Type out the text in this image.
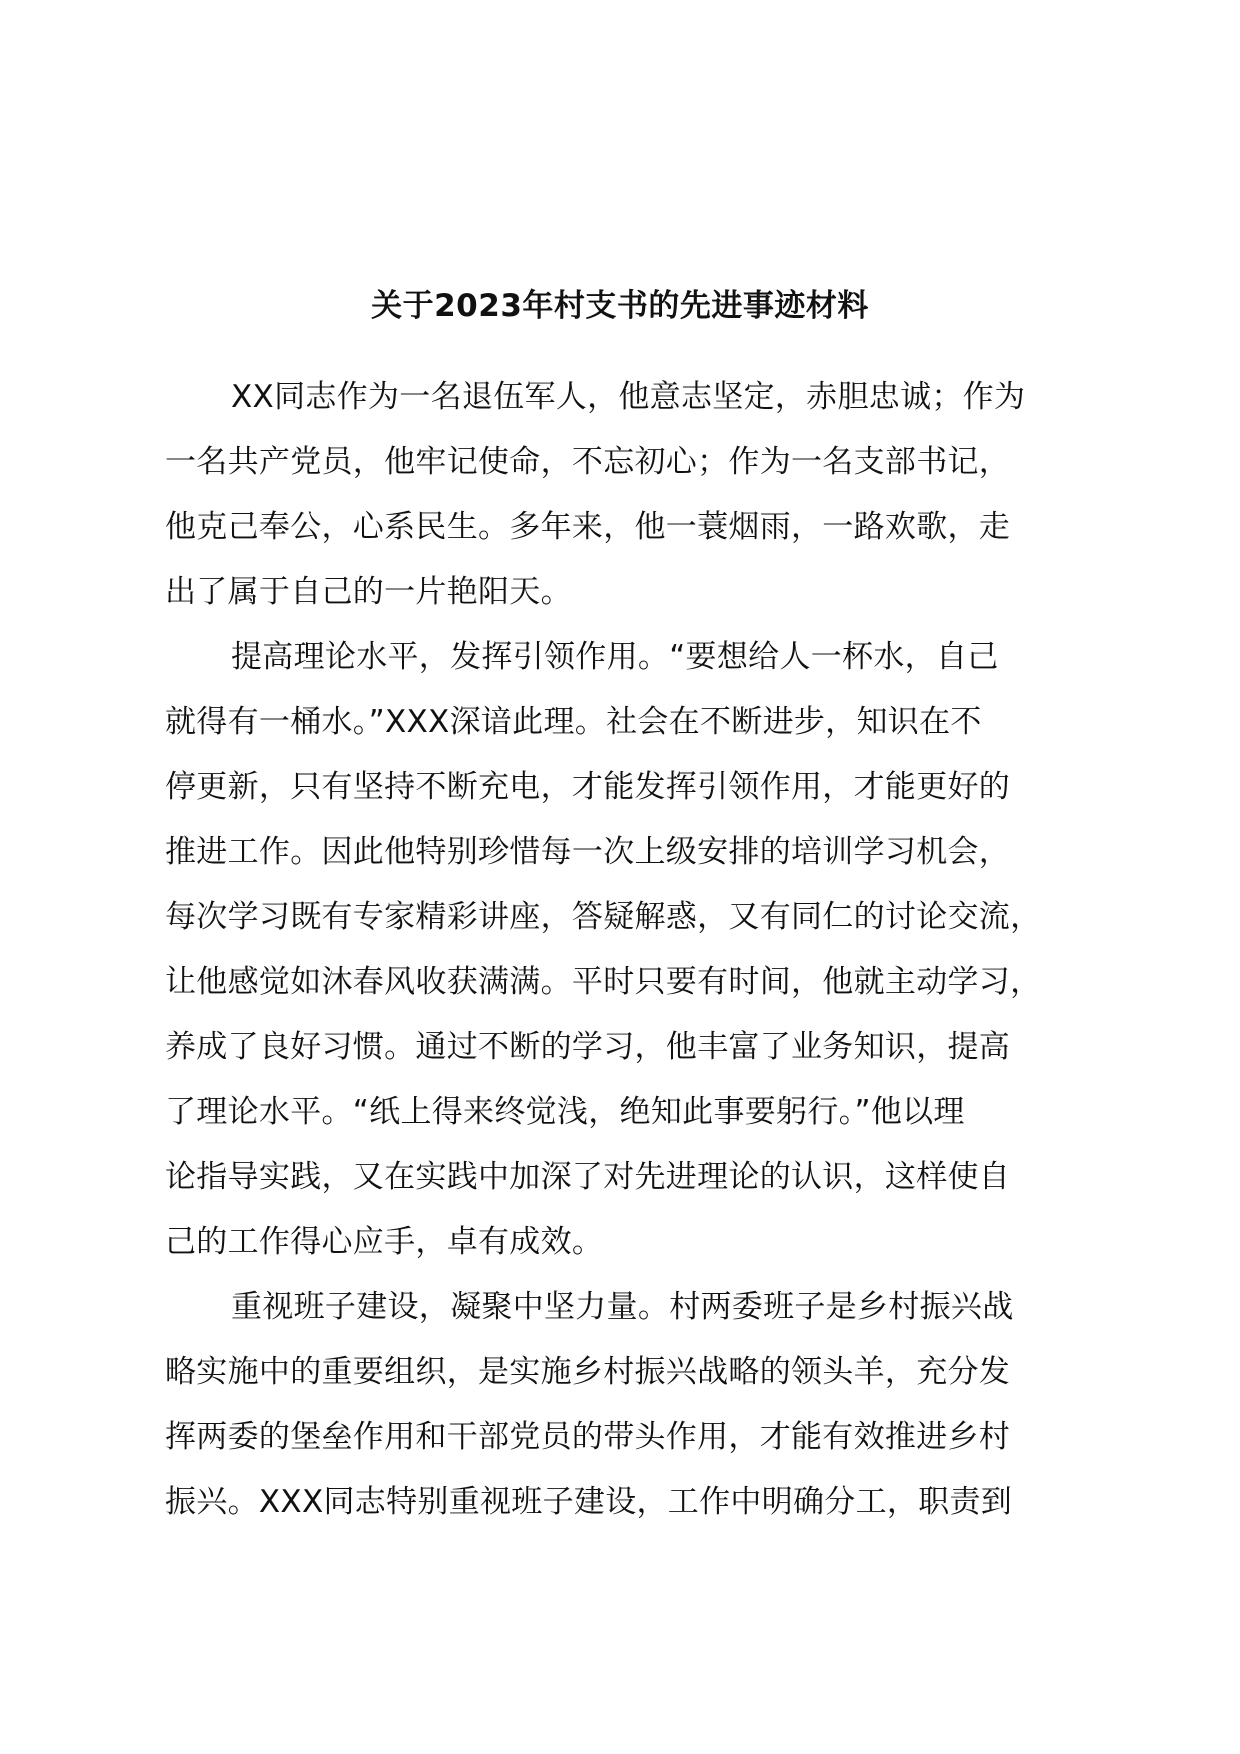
关于2023年村支书的先进事迹材料
XX同志作为一名退伍军人，他意志坚定，赤胆忠诚；作为
一名共产党员，他牢记使命，不忘初心；作为一名支部书记，
他克己奉公，心系民生。多年来，他一蓑烟雨，一路欢歌，走
出了属于自己的一片艳阳天。
提高理论水平，发挥引领作用。“要想给人一杯水，自己
就得有一桶水。”XXX深谙此理。社会在不断进步，知识在不
停更新，只有坚持不断充电，才能发挥引领作用，才能更好的
推进工作。因此他特别珍惜每一次上级安排的培训学习机会，
每次学习既有专家精彩讲座，答疑解惑，又有同仁的讨论交流，
让他感觉如沐春风收获满满。平时只要有时间，他就主动学习，
养成了良好习惯。通过不断的学习，他丰富了业务知识，提高
了理论水平。“纸上得来终觉浅，绝知此事要躬行。”他以理
论指导实践，又在实践中加深了对先进理论的认识，这样使自
己的工作得心应手，卓有成效。
重视班子建设，凝聚中坚力量。村两委班子是乡村振兴战
略实施中的重要组织，是实施乡村振兴战略的领头羊，充分发
挥两委的堡垒作用和干部党员的带头作用，才能有效推进乡村
振兴。XXX同志特别重视班子建设，工作中明确分工，职责到
